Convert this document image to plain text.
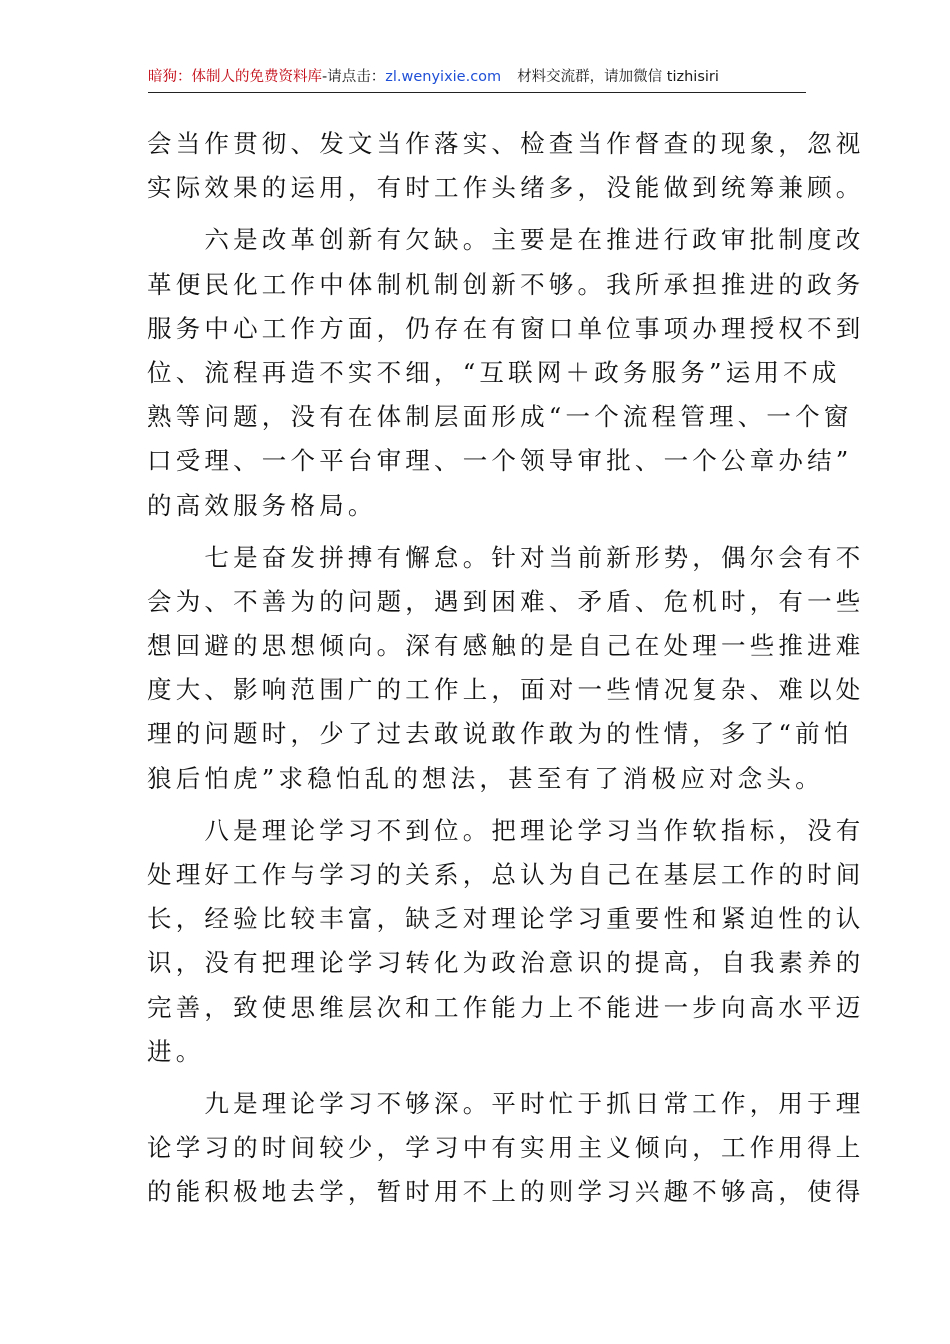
暗狗：体制人的免费资料库-请点击：zl.wenyixie.com 材料交流群，请加微信 tizhisiri
会当作贯彻、发文当作落实、检查当作督查的现象，忽视
实际效果的运用，有时工作头绪多，没能做到统筹兼顾。
　　六是改革创新有欠缺。主要是在推进行政审批制度改
革便民化工作中体制机制创新不够。我所承担推进的政务
服务中心工作方面，仍存在有窗口单位事项办理授权不到
位、流程再造不实不细，“互联网＋政务服务”运用不成
熟等问题，没有在体制层面形成“一个流程管理、一个窗
口受理、一个平台审理、一个领导审批、一个公章办结”
的高效服务格局。
　　七是奋发拼搏有懈怠。针对当前新形势，偶尔会有不
会为、不善为的问题，遇到困难、矛盾、危机时，有一些
想回避的思想倾向。深有感触的是自己在处理一些推进难
度大、影响范围广的工作上，面对一些情况复杂、难以处
理的问题时，少了过去敢说敢作敢为的性情，多了“前怕
狼后怕虎”求稳怕乱的想法，甚至有了消极应对念头。
　　八是理论学习不到位。把理论学习当作软指标，没有
处理好工作与学习的关系，总认为自己在基层工作的时间
长，经验比较丰富，缺乏对理论学习重要性和紧迫性的认
识，没有把理论学习转化为政治意识的提高，自我素养的
完善，致使思维层次和工作能力上不能进一步向高水平迈
进。
　　九是理论学习不够深。平时忙于抓日常工作，用于理
论学习的时间较少，学习中有实用主义倾向，工作用得上
的能积极地去学，暂时用不上的则学习兴趣不够高，使得
